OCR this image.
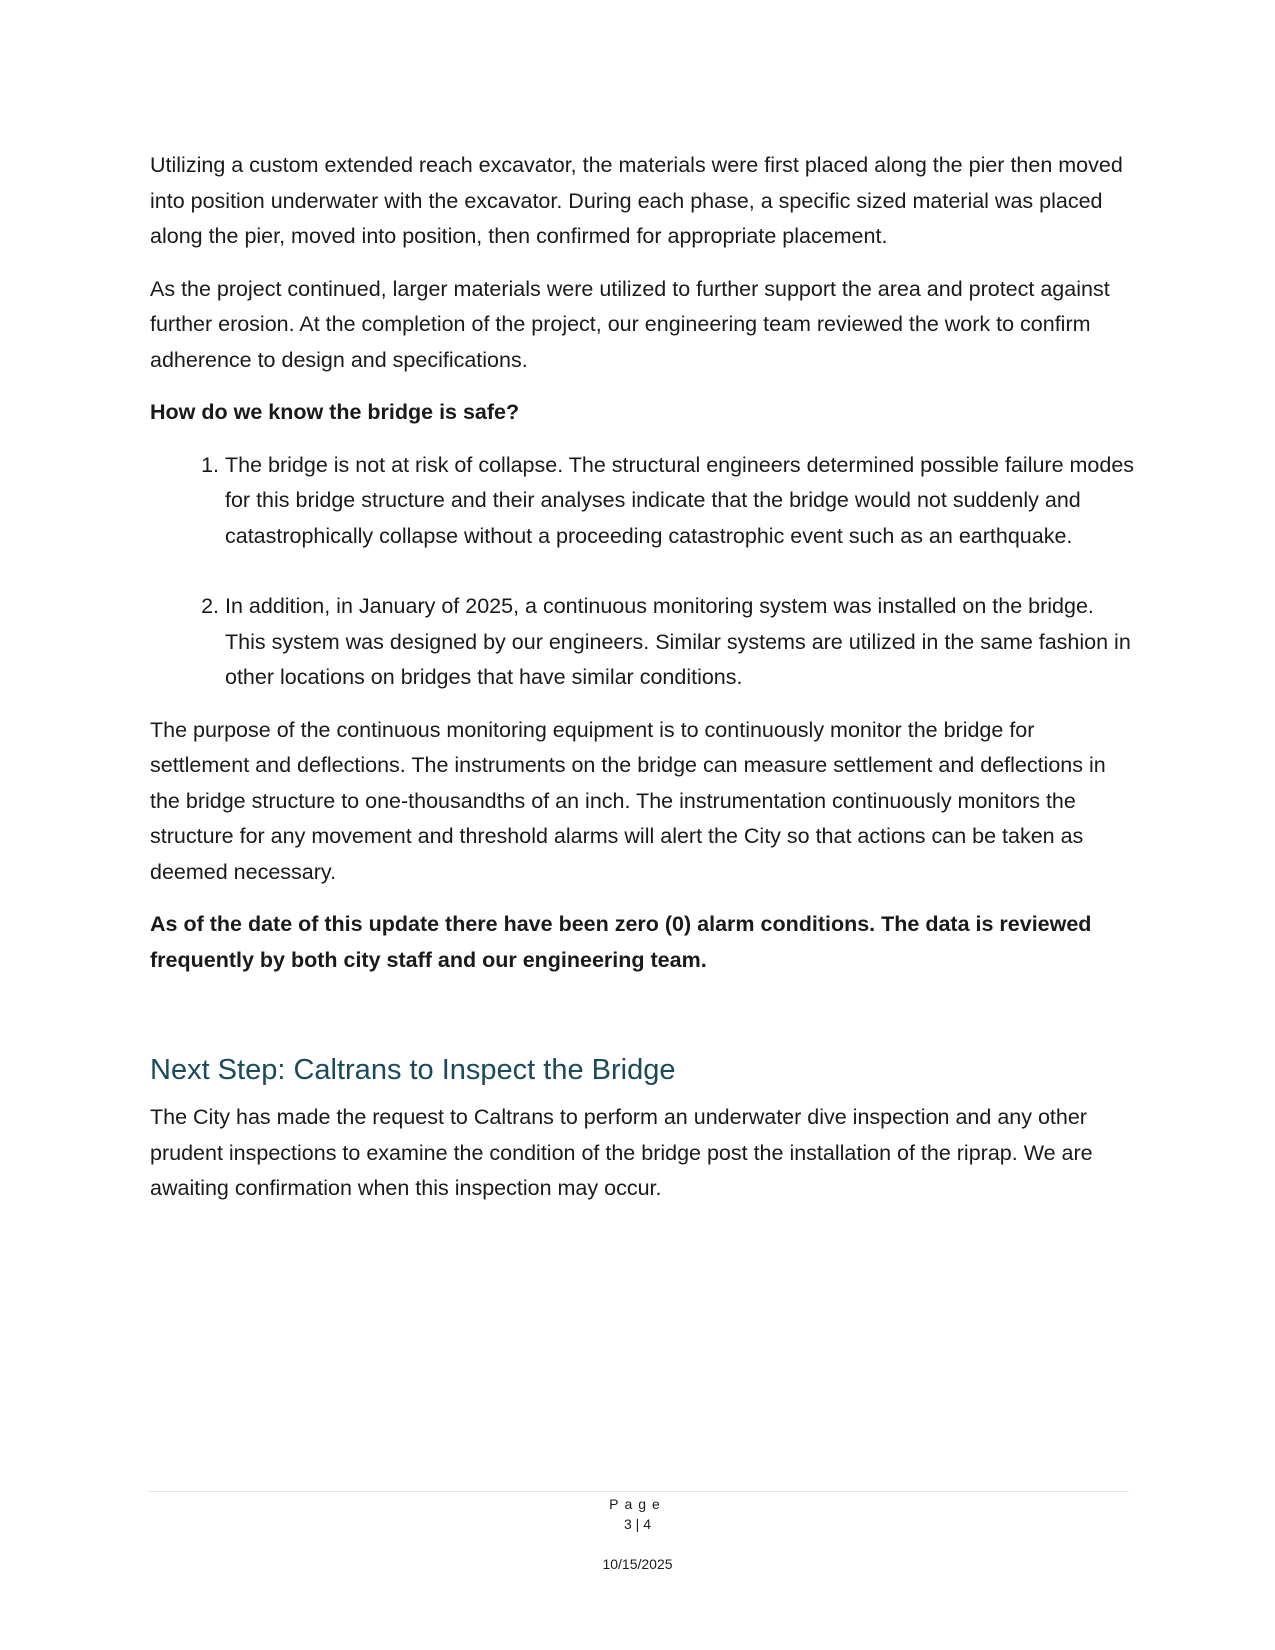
Utilizing a custom extended reach excavator, the materials were first placed along the pier then moved into position underwater with the excavator. During each phase, a specific sized material was placed along the pier, moved into position, then confirmed for appropriate placement.

As the project continued, larger materials were utilized to further support the area and protect against further erosion. At the completion of the project, our engineering team reviewed the work to confirm adherence to design and specifications.

How do we know the bridge is safe?

1. The bridge is not at risk of collapse. The structural engineers determined possible failure modes for this bridge structure and their analyses indicate that the bridge would not suddenly and catastrophically collapse without a proceeding catastrophic event such as an earthquake.
2. In addition, in January of 2025, a continuous monitoring system was installed on the bridge. This system was designed by our engineers. Similar systems are utilized in the same fashion in other locations on bridges that have similar conditions.

The purpose of the continuous monitoring equipment is to continuously monitor the bridge for settlement and deflections. The instruments on the bridge can measure settlement and deflections in the bridge structure to one-thousandths of an inch. The instrumentation continuously monitors the structure for any movement and threshold alarms will alert the City so that actions can be taken as deemed necessary.

As of the date of this update there have been zero (0) alarm conditions. The data is reviewed frequently by both city staff and our engineering team.

Next Step: Caltrans to Inspect the Bridge

The City has made the request to Caltrans to perform an underwater dive inspection and any other prudent inspections to examine the condition of the bridge post the installation of the riprap. We are awaiting confirmation when this inspection may occur.

Page
3 | 4
10/15/2025
